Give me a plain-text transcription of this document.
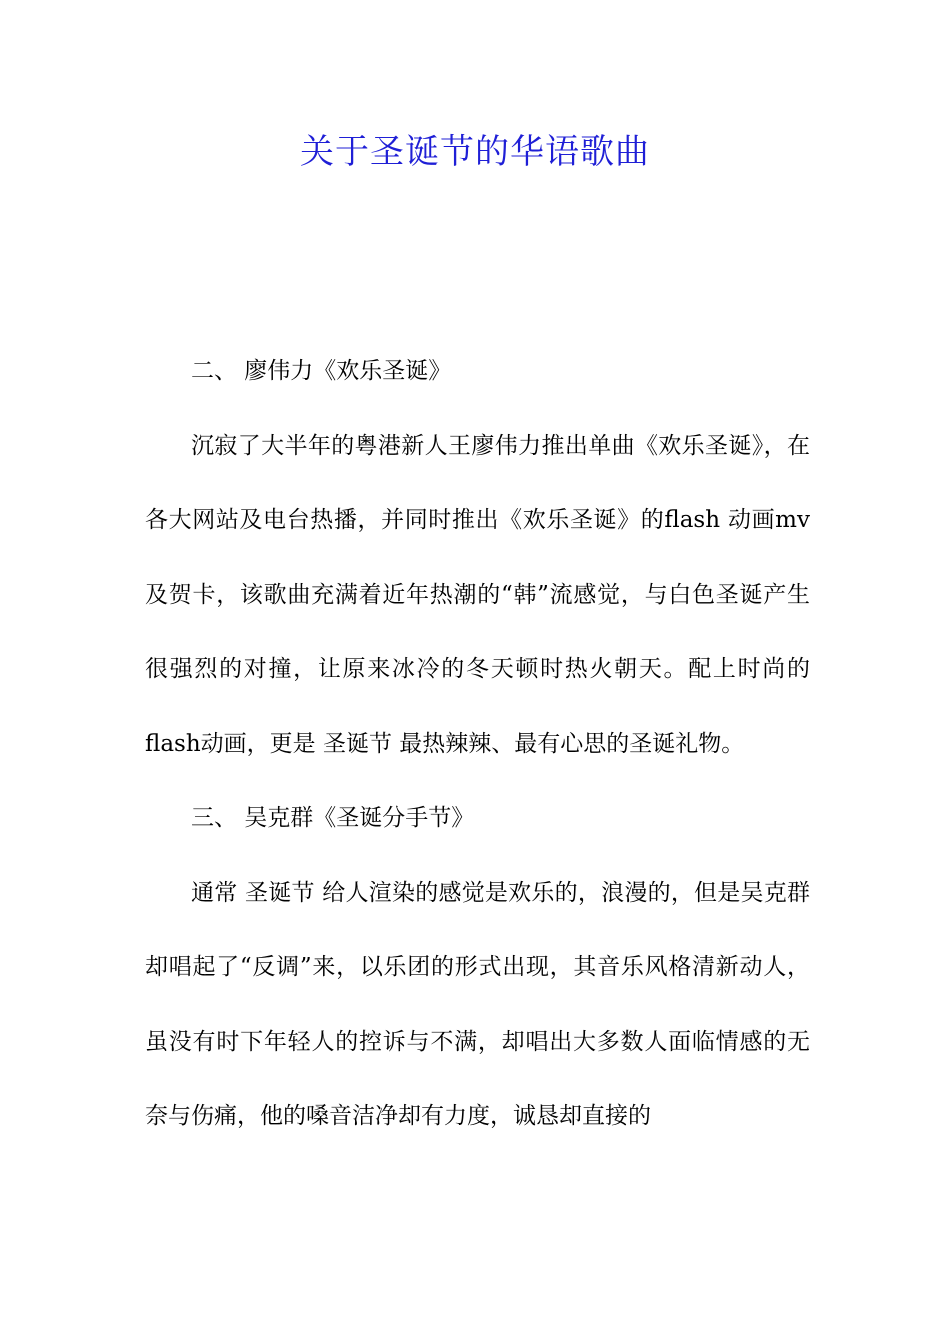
关于圣诞节的华语歌曲

二、 廖伟力《欢乐圣诞》

沉寂了大半年的粤港新人王廖伟力推出单曲《欢乐圣诞》，在各大网站及电台热播，并同时推出《欢乐圣诞》的flash 动画mv及贺卡，该歌曲充满着近年热潮的“韩”流感觉，与白色圣诞产生很强烈的对撞，让原来冰冷的冬天顿时热火朝天。配上时尚的flash动画，更是 圣诞节 最热辣辣、最有心思的圣诞礼物。

三、 吴克群《圣诞分手节》

通常 圣诞节 给人渲染的感觉是欢乐的，浪漫的，但是吴克群却唱起了“反调”来，以乐团的形式出现，其音乐风格清新动人，虽没有时下年轻人的控诉与不满，却唱出大多数人面临情感的无奈与伤痛，他的嗓音洁净却有力度，诚恳却直接的
